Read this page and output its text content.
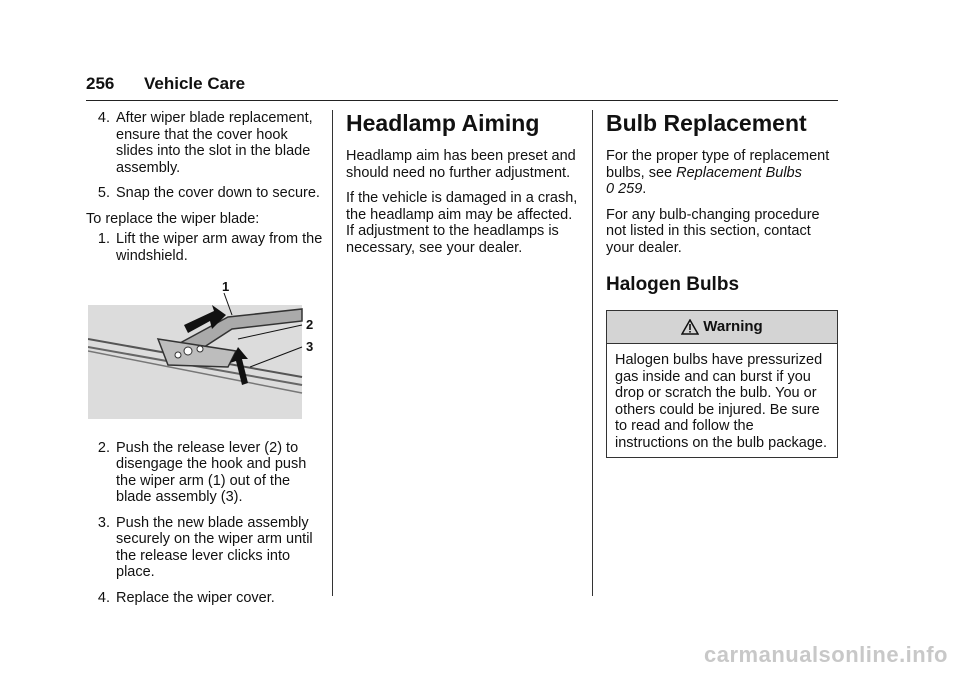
256 Vehicle Care
4. After wiper blade replacement, ensure that the cover hook slides into the slot in the blade assembly.
5. Snap the cover down to secure.

To replace the wiper blade:

1. Lift the wiper arm away from the windshield.
1
2
3
2. Push the release lever (2) to disengage the hook and push the wiper arm (1) out of the blade assembly (3).
3. Push the new blade assembly securely on the wiper arm until the release lever clicks into place.
4. Replace the wiper cover.
Headlamp Aiming

Headlamp aim has been preset and should need no further adjustment.

If the vehicle is damaged in a crash, the headlamp aim may be affected. If adjustment to the headlamps is necessary, see your dealer.

Bulb Replacement

For the proper type of replacement bulbs, see Replacement Bulbs
0 259.

For any bulb-changing procedure not listed in this section, contact your dealer.

Halogen Bulbs
Warning
Halogen bulbs have pressurized gas inside and can burst if you drop or scratch the bulb. You or others could be injured. Be sure to read and follow the instructions on the bulb package.
carmanualsonline.info
